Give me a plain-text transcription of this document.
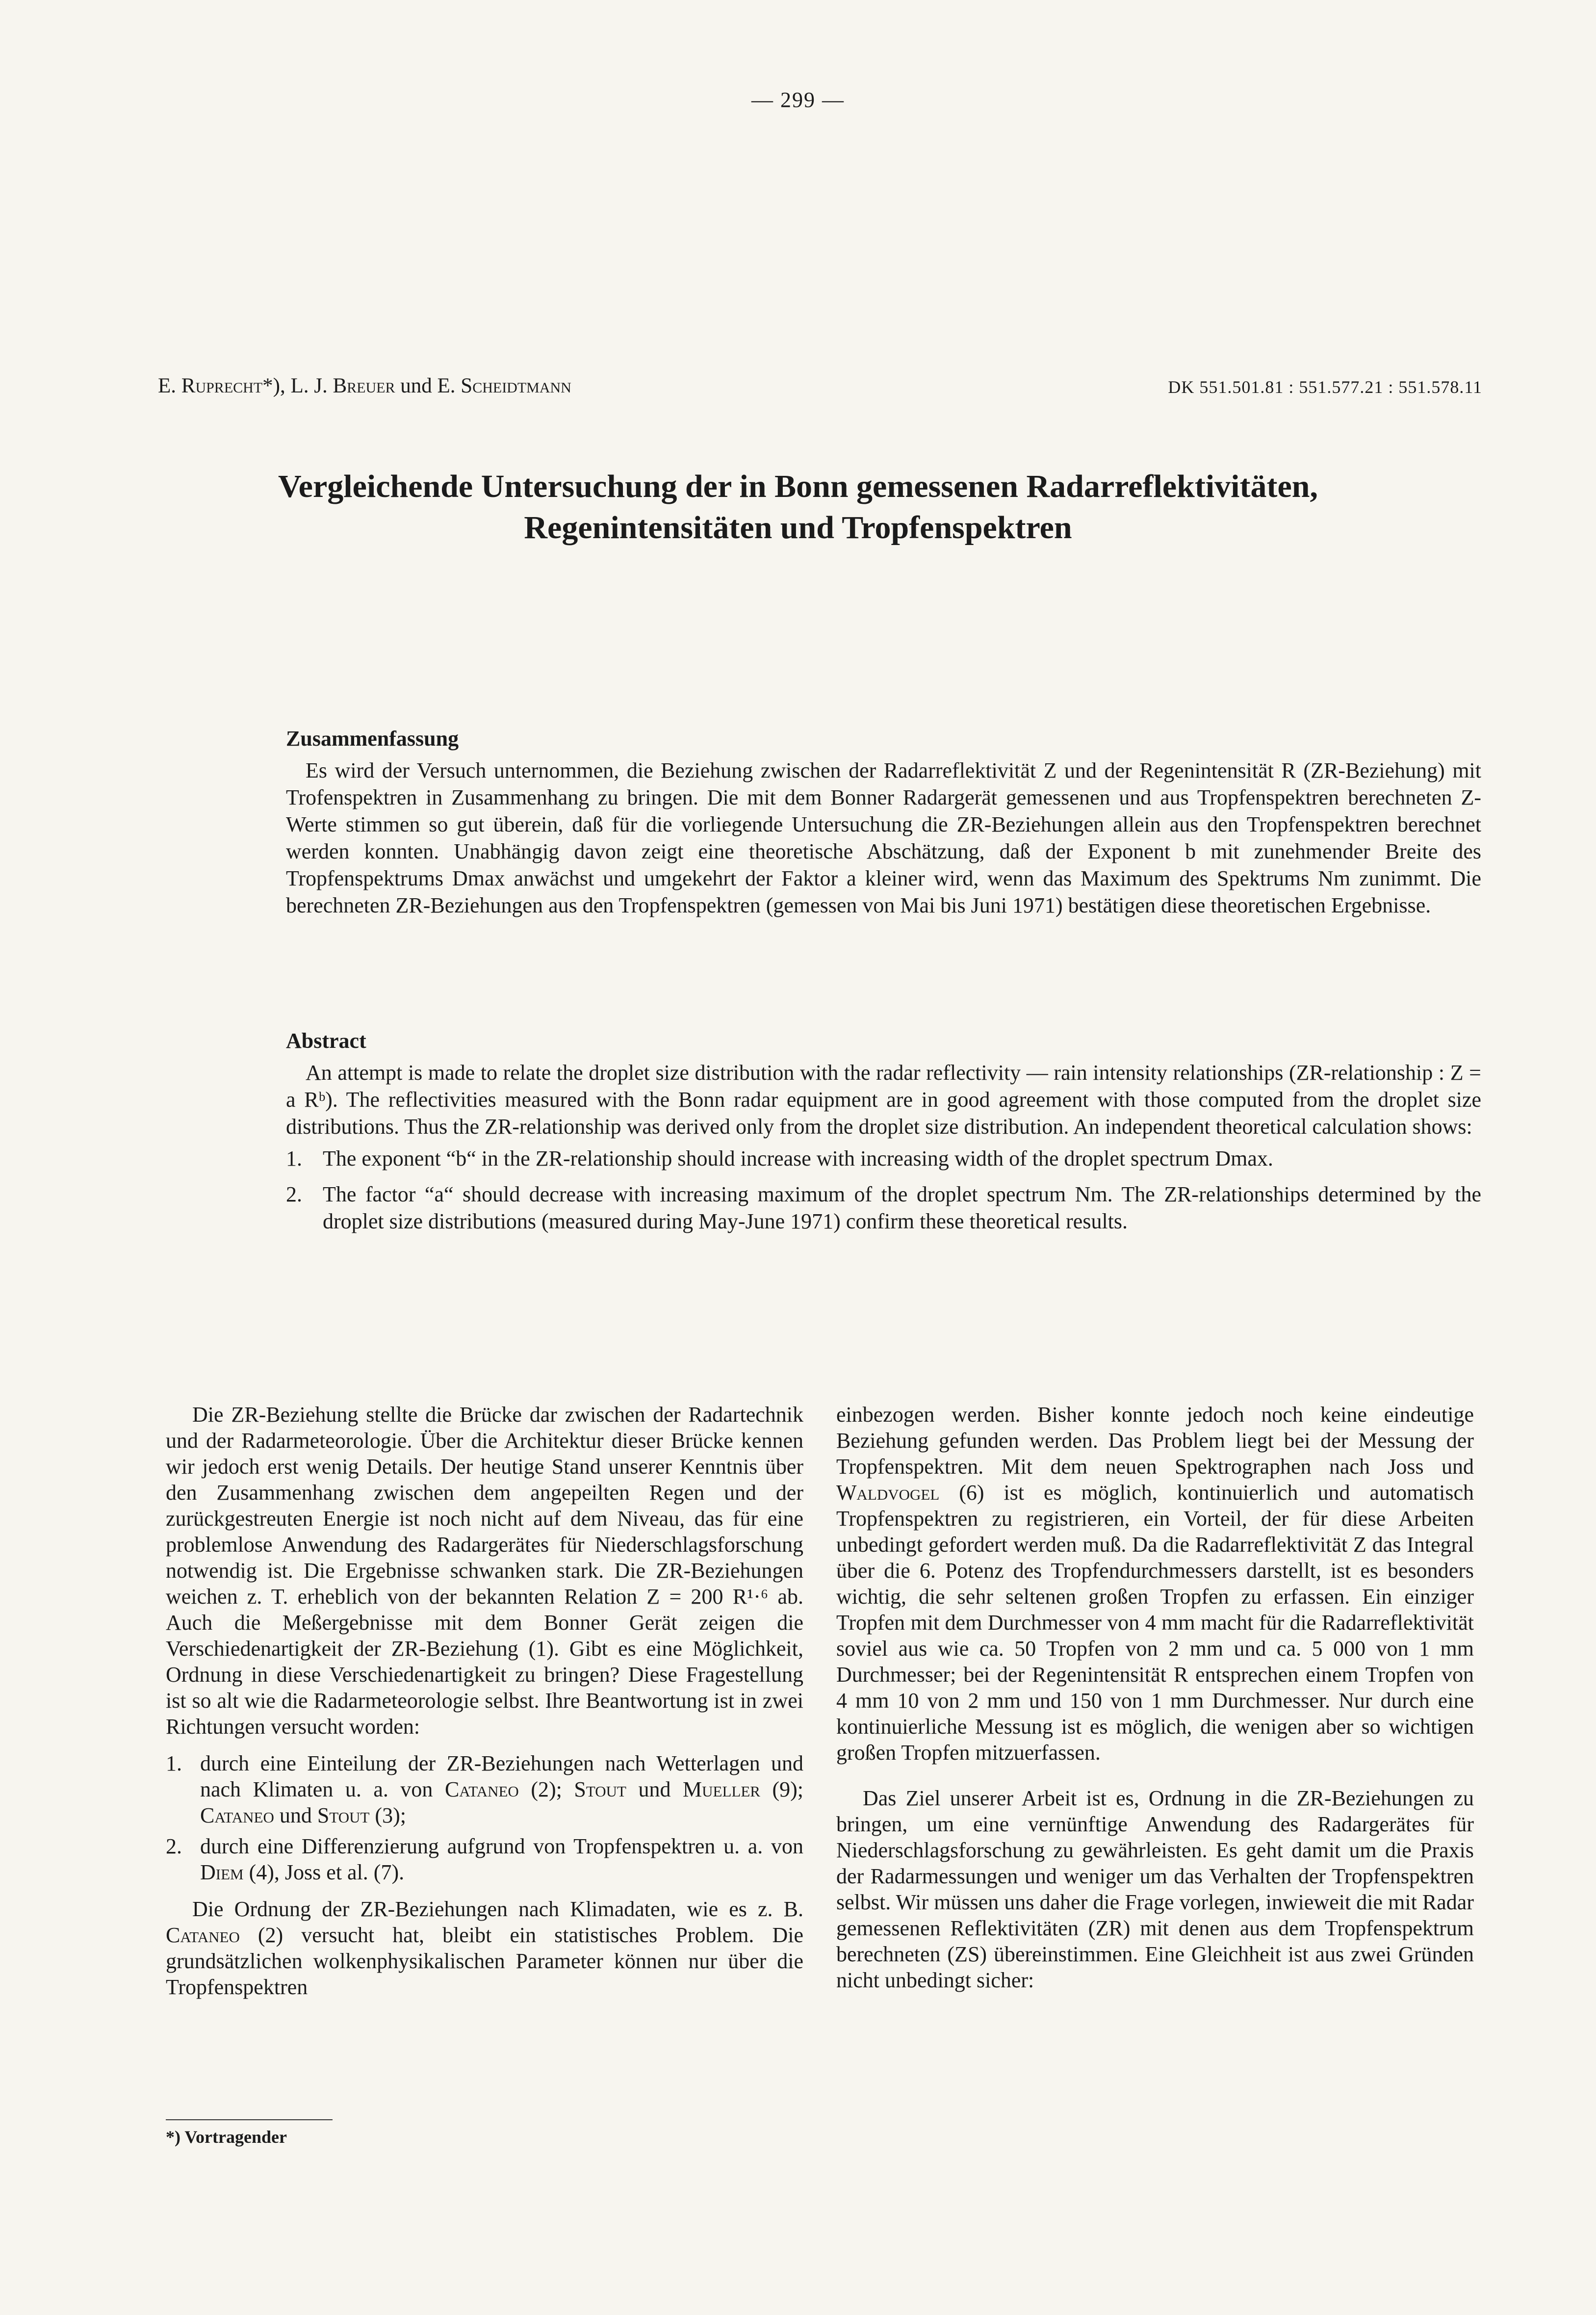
— 299 —
E. Ruprecht*), L. J. Breuer und E. Scheidtmann	DK 551.501.81 : 551.577.21 : 551.578.11
Vergleichende Untersuchung der in Bonn gemessenen Radarreflektivitäten,
Regenintensitäten und Tropfenspektren
Zusammenfassung

Es wird der Versuch unternommen, die Beziehung zwischen der Radarreflektivität Z und der Regenintensität R (ZR-Beziehung) mit Trofenspektren in Zusammenhang zu bringen. Die mit dem Bonner Radargerät gemessenen und aus Tropfenspektren berechneten Z-Werte stimmen so gut überein, daß für die vorliegende Untersuchung die ZR-Beziehungen allein aus den Tropfenspektren berechnet werden konnten. Unabhängig davon zeigt eine theoretische Abschätzung, daß der Exponent b mit zunehmender Breite des Tropfenspektrums Dmax anwächst und umgekehrt der Faktor a kleiner wird, wenn das Maximum des Spektrums Nm zunimmt. Die berechneten ZR-Beziehungen aus den Tropfenspektren (gemessen von Mai bis Juni 1971) bestätigen diese theoretischen Ergebnisse.

Abstract

An attempt is made to relate the droplet size distribution with the radar reflectivity — rain intensity relationships (ZR-relationship : Z = a Rᵇ). The reflectivities measured with the Bonn radar equipment are in good agreement with those computed from the droplet size distributions. Thus the ZR-relationship was derived only from the droplet size distribution. An independent theoretical calculation shows:

1. The exponent “b“ in the ZR-relationship should increase with increasing width of the droplet spectrum Dmax.
2. The factor “a“ should decrease with increasing maximum of the droplet spectrum Nm. The ZR-relationships determined by the droplet size distributions (measured during May-June 1971) confirm these theoretical results.

Die ZR-Beziehung stellte die Brücke dar zwischen der Radartechnik und der Radarmeteorologie. Über die Architektur dieser Brücke kennen wir jedoch erst wenig Details. Der heutige Stand unserer Kenntnis über den Zusammenhang zwischen dem angepeilten Regen und der zurückgestreuten Energie ist noch nicht auf dem Niveau, das für eine problemlose Anwendung des Radargerätes für Niederschlagsforschung notwendig ist. Die Ergebnisse schwanken stark. Die ZR-Beziehungen weichen z. T. erheblich von der bekannten Relation Z = 200 R¹·⁶ ab. Auch die Meßergebnisse mit dem Bonner Gerät zeigen die Verschiedenartigkeit der ZR-Beziehung (1). Gibt es eine Möglichkeit, Ordnung in diese Verschiedenartigkeit zu bringen? Diese Fragestellung ist so alt wie die Radarmeteorologie selbst. Ihre Beantwortung ist in zwei Richtungen versucht worden:

1. durch eine Einteilung der ZR-Beziehungen nach Wetterlagen und nach Klimaten u. a. von Cataneo (2); Stout und Mueller (9); Cataneo und Stout (3);
2. durch eine Differenzierung aufgrund von Tropfenspektren u. a. von Diem (4), Joss et al. (7).

Die Ordnung der ZR-Beziehungen nach Klimadaten, wie es z. B. Cataneo (2) versucht hat, bleibt ein statistisches Problem. Die grundsätzlichen wolkenphysikalischen Parameter können nur über die Tropfenspektren

einbezogen werden. Bisher konnte jedoch noch keine eindeutige Beziehung gefunden werden. Das Problem liegt bei der Messung der Tropfenspektren. Mit dem neuen Spektrographen nach Joss und Waldvogel (6) ist es möglich, kontinuierlich und automatisch Tropfenspektren zu registrieren, ein Vorteil, der für diese Arbeiten unbedingt gefordert werden muß. Da die Radarreflektivität Z das Integral über die 6. Potenz des Tropfendurchmessers darstellt, ist es besonders wichtig, die sehr seltenen großen Tropfen zu erfassen. Ein einziger Tropfen mit dem Durchmesser von 4 mm macht für die Radarreflektivität soviel aus wie ca. 50 Tropfen von 2 mm und ca. 5 000 von 1 mm Durchmesser; bei der Regenintensität R entsprechen einem Tropfen von 4 mm 10 von 2 mm und 150 von 1 mm Durchmesser. Nur durch eine kontinuierliche Messung ist es möglich, die wenigen aber so wichtigen großen Tropfen mitzuerfassen.

Das Ziel unserer Arbeit ist es, Ordnung in die ZR-Beziehungen zu bringen, um eine vernünftige Anwendung des Radargerätes für Niederschlagsforschung zu gewährleisten. Es geht damit um die Praxis der Radarmessungen und weniger um das Verhalten der Tropfenspektren selbst. Wir müssen uns daher die Frage vorlegen, inwieweit die mit Radar gemessenen Reflektivitäten (ZR) mit denen aus dem Tropfenspektrum berechneten (ZS) übereinstimmen. Eine Gleichheit ist aus zwei Gründen nicht unbedingt sicher:

*) Vortragender
